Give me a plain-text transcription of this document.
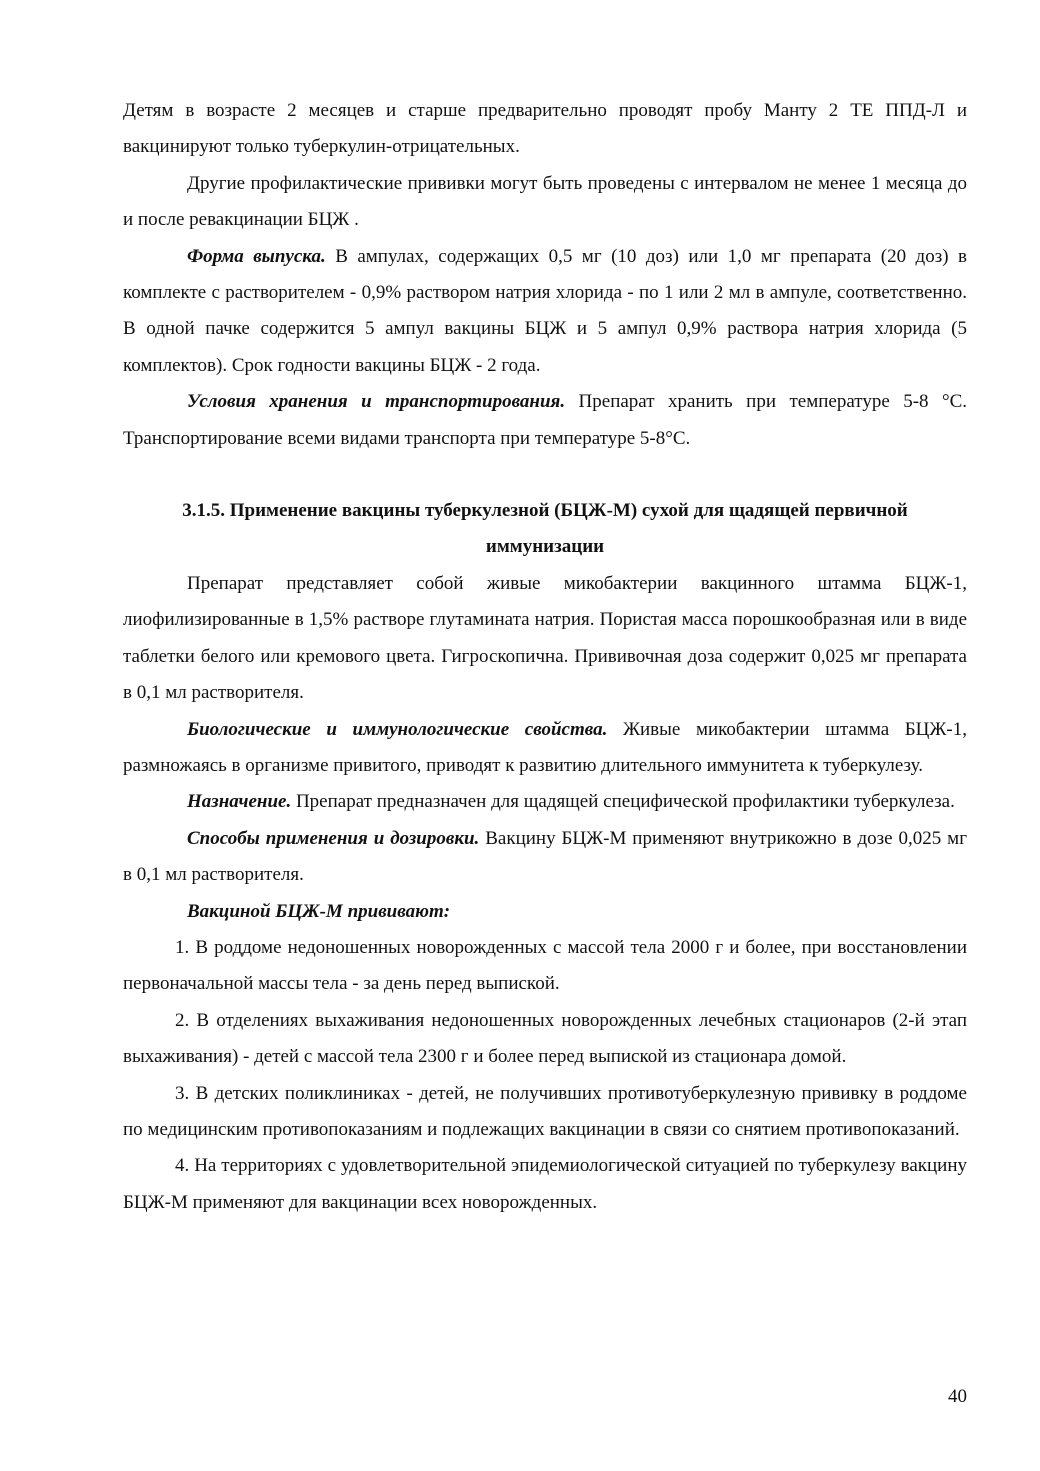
Детям в возрасте 2 месяцев и старше предварительно проводят пробу Манту 2 ТЕ ППД-Л и вакцинируют только туберкулин-отрицательных.

Другие профилактические прививки могут быть проведены с интервалом не менее 1 месяца до и после ревакцинации БЦЖ .

Форма выпуска. В ампулах, содержащих 0,5 мг (10 доз) или 1,0 мг препарата (20 доз) в комплекте с растворителем - 0,9% раствором натрия хлорида - по 1 или 2 мл в ампуле, соответственно. В одной пачке содержится 5 ампул вакцины БЦЖ и 5 ампул 0,9% раствора натрия хлорида (5 комплектов). Срок годности вакцины БЦЖ - 2 года.

Условия хранения и транспортирования. Препарат хранить при температуре 5-8 °С. Транспортирование всеми видами транспорта при температуре 5-8°С.

3.1.5. Применение вакцины туберкулезной (БЦЖ-М) сухой для щадящей первичной иммунизации

Препарат представляет собой живые микобактерии вакцинного штамма БЦЖ-1, лиофилизированные в 1,5% растворе глутамината натрия. Пористая масса порошкообразная или в виде таблетки белого или кремового цвета. Гигроскопична. Прививочная доза содержит 0,025 мг препарата в 0,1 мл растворителя.

Биологические и иммунологические свойства. Живые микобактерии штамма БЦЖ-1, размножаясь в организме привитого, приводят к развитию длительного иммунитета к туберкулезу.

Назначение. Препарат предназначен для щадящей специфической профилактики туберкулеза.

Способы применения и дозировки. Вакцину БЦЖ-М применяют внутрикожно в дозе 0,025 мг в 0,1 мл растворителя.

Вакциной БЦЖ-М прививают:

1. В роддоме недоношенных новорожденных с массой тела 2000 г и более, при восстановлении первоначальной массы тела - за день перед выпиской.

2. В отделениях выхаживания недоношенных новорожденных лечебных стационаров (2-й этап выхаживания) - детей с массой тела 2300 г и более перед выпиской из стационара домой.

3. В детских поликлиниках - детей, не получивших противотуберкулезную прививку в роддоме по медицинским противопоказаниям и подлежащих вакцинации в связи со снятием противопоказаний.

4. На территориях с удовлетворительной эпидемиологической ситуацией по туберкулезу вакцину БЦЖ-М применяют для вакцинации всех новорожденных.

40
